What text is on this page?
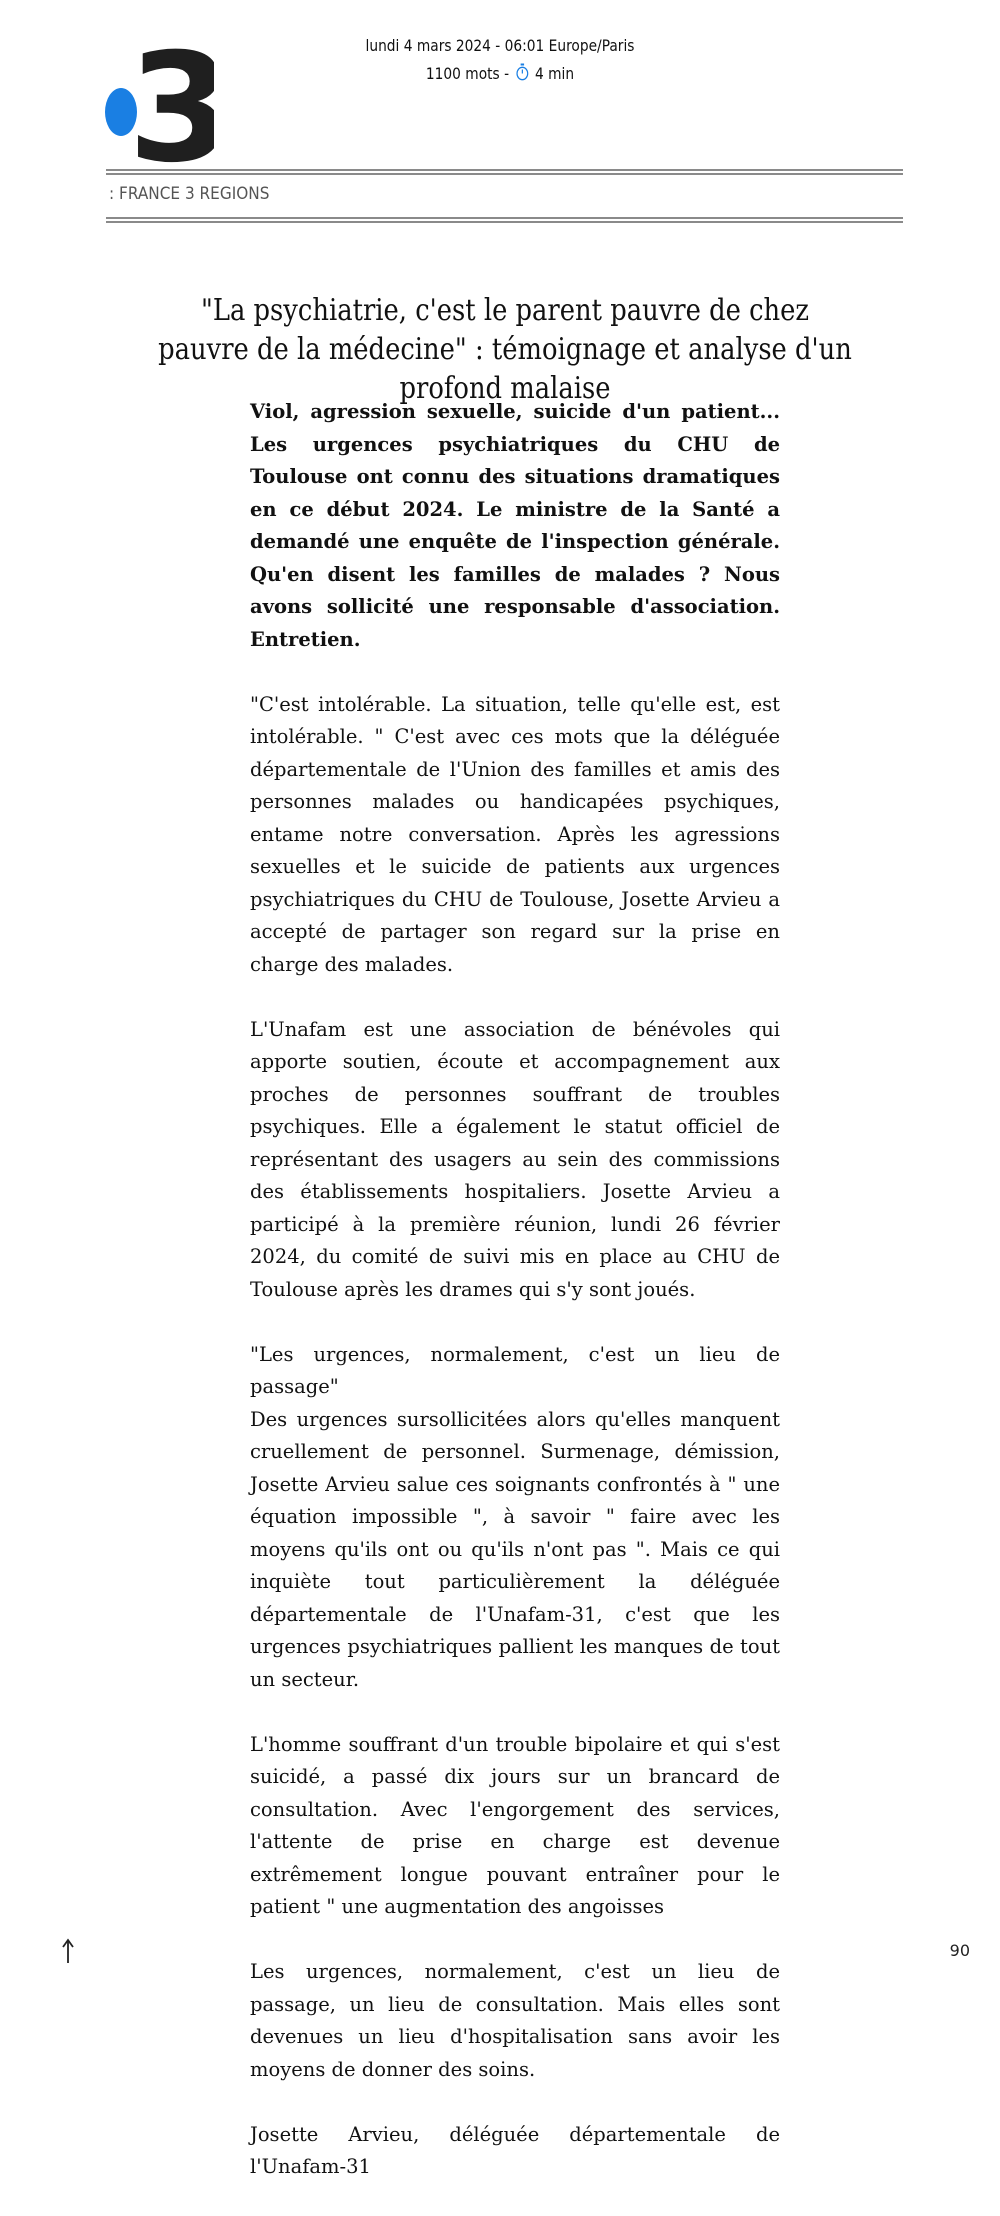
3	lundi 4 mars 2024 - 06:01 Europe/Paris
1100 mots - 4 min
: FRANCE 3 REGIONS
"La psychiatrie, c'est le parent pauvre de chez pauvre de la médecine" : témoignage et analyse d'un profond malaise

Viol, agression sexuelle, suicide d'un patient... Les urgences psychiatriques du CHU de Toulouse ont connu des situations dramatiques en ce début 2024. Le ministre de la Santé a demandé une enquête de l'inspection générale. Qu'en disent les familles de malades ? Nous avons sollicité une responsable d'association. Entretien.

"C'est intolérable. La situation, telle qu'elle est, est intolérable. " C'est avec ces mots que la déléguée départementale de l'Union des familles et amis des personnes malades ou handicapées psychiques, entame notre conversation. Après les agressions sexuelles et le suicide de patients aux urgences psychiatriques du CHU de Toulouse, Josette Arvieu a accepté de partager son regard sur la prise en charge des malades.

L'Unafam est une association de bénévoles qui apporte soutien, écoute et accompagnement aux proches de personnes souffrant de troubles psychiques. Elle a également le statut officiel de représentant des usagers au sein des commissions des établissements hospitaliers. Josette Arvieu a participé à la première réunion, lundi 26 février 2024, du comité de suivi mis en place au CHU de Toulouse après les drames qui s'y sont joués.

"Les urgences, normalement, c'est un lieu de passage"

Des urgences sursollicitées alors qu'elles manquent cruellement de personnel. Surmenage, démission, Josette Arvieu salue ces soignants confrontés à " une équation impossible ", à savoir " faire avec les moyens qu'ils ont ou qu'ils n'ont pas ". Mais ce qui inquiète tout particulièrement la déléguée départementale de l'Unafam-31, c'est que les urgences psychiatriques pallient les manques de tout un secteur.

L'homme souffrant d'un trouble bipolaire et qui s'est suicidé, a passé dix jours sur un brancard de consultation. Avec l'engorgement des services, l'attente de prise en charge est devenue extrêmement longue pouvant entraîner pour le patient " une augmentation des angoisses

Les urgences, normalement, c'est un lieu de passage, un lieu de consultation. Mais elles sont devenues un lieu d'hospitalisation sans avoir les moyens de donner des soins.

Josette Arvieu, déléguée départementale de l'Unafam-31

90
